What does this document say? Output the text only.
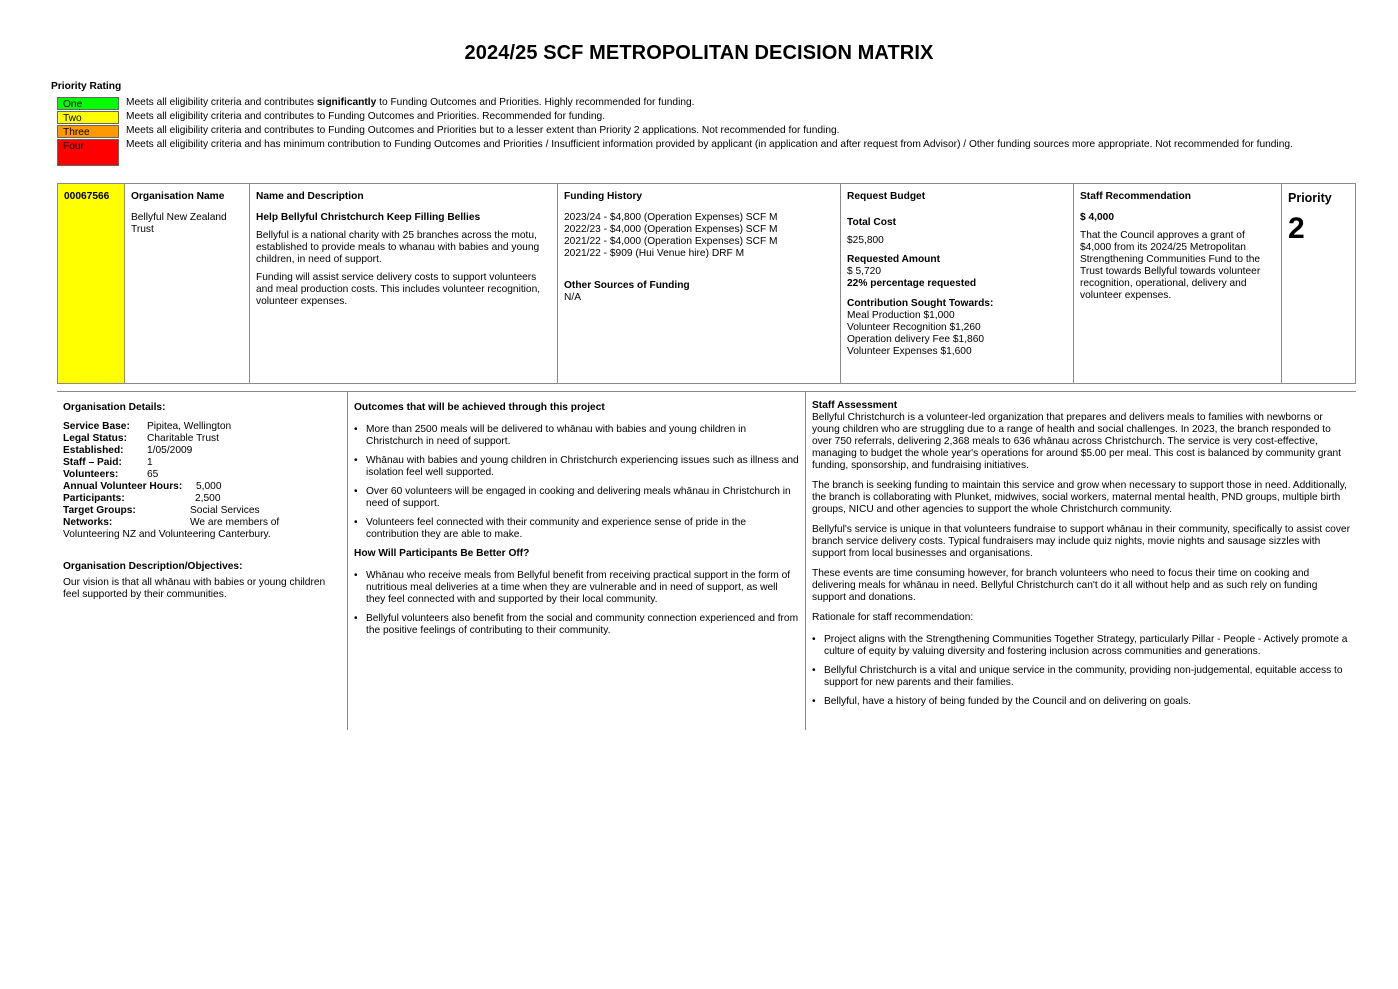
2024/25 SCF METROPOLITAN DECISION MATRIX
Priority Rating
One	Meets all eligibility criteria and contributes significantly to Funding Outcomes and Priorities. Highly recommended for funding.
Two	Meets all eligibility criteria and contributes to Funding Outcomes and Priorities. Recommended for funding.
Three	Meets all eligibility criteria and contributes to Funding Outcomes and Priorities but to a lesser extent than Priority 2 applications. Not recommended for funding.
Four	Meets all eligibility criteria and has minimum contribution to Funding Outcomes and Priorities / Insufficient information provided by applicant (in application and after request from Advisor) / Other funding sources more appropriate. Not recommended for funding.
00067566	Organisation Name
Bellyful New Zealand Trust
Name and Description
Help Bellyful Christchurch Keep Filling Bellies
Bellyful is a national charity with 25 branches across the motu, established to provide meals to whanau with babies and young children, in need of support.
Funding will assist service delivery costs to support volunteers and meal production costs. This includes volunteer recognition, volunteer expenses.
Funding History
2023/24 - $4,800 (Operation Expenses) SCF M
2022/23 - $4,000 (Operation Expenses) SCF M
2021/22 - $4,000 (Operation Expenses) SCF M
2021/22 - $909 (Hui Venue hire) DRF M
Other Sources of Funding
N/A
Request Budget
Total Cost
$25,800
Requested Amount
$ 5,720
22% percentage requested
Contribution Sought Towards:
Meal Production $1,000
Volunteer Recognition $1,260
Operation delivery Fee $1,860
Volunteer Expenses $1,600
Staff Recommendation
$ 4,000
That the Council approves a grant of $4,000 from its 2024/25 Metropolitan Strengthening Communities Fund to the Trust towards Bellyful towards volunteer recognition, operational, delivery and volunteer expenses.
Priority
2
Organisation Details:
Service Base:	Pipitea, Wellington
Legal Status:	Charitable Trust
Established:	1/05/2009
Staff – Paid:	1
Volunteers:	65
Annual Volunteer Hours:	5,000
Participants:	2,500
Target Groups:	Social Services
Networks:	We are members of
Volunteering NZ and Volunteering Canterbury.
Organisation Description/Objectives:
Our vision is that all whānau with babies or young children feel supported by their communities.
Outcomes that will be achieved through this project
• More than 2500 meals will be delivered to whānau with babies and young children in Christchurch in need of support.
• Whānau with babies and young children in Christchurch experiencing issues such as illness and isolation feel well supported.
• Over 60 volunteers will be engaged in cooking and delivering meals whānau in Christchurch in need of support.
• Volunteers feel connected with their community and experience sense of pride in the contribution they are able to make.
How Will Participants Be Better Off?
• Whānau who receive meals from Bellyful benefit from receiving practical support in the form of nutritious meal deliveries at a time when they are vulnerable and in need of support, as well they feel connected with and supported by their local community.
• Bellyful volunteers also benefit from the social and community connection experienced and from the positive feelings of contributing to their community.
Staff Assessment
Bellyful Christchurch is a volunteer-led organization that prepares and delivers meals to families with newborns or young children who are struggling due to a range of health and social challenges. In 2023, the branch responded to over 750 referrals, delivering 2,368 meals to 636 whānau across Christchurch. The service is very cost-effective, managing to budget the whole year's operations for around $5.00 per meal. This cost is balanced by community grant funding, sponsorship, and fundraising initiatives.
The branch is seeking funding to maintain this service and grow when necessary to support those in need. Additionally, the branch is collaborating with Plunket, midwives, social workers, maternal mental health, PND groups, multiple birth groups, NICU and other agencies to support the whole Christchurch community.
Bellyful's service is unique in that volunteers fundraise to support whānau in their community, specifically to assist cover branch service delivery costs. Typical fundraisers may include quiz nights, movie nights and sausage sizzles with support from local businesses and organisations.
These events are time consuming however, for branch volunteers who need to focus their time on cooking and delivering meals for whānau in need. Bellyful Christchurch can't do it all without help and as such rely on funding support and donations.
Rationale for staff recommendation:
• Project aligns with the Strengthening Communities Together Strategy, particularly Pillar - People - Actively promote a culture of equity by valuing diversity and fostering inclusion across communities and generations.
• Bellyful Christchurch is a vital and unique service in the community, providing non-judgemental, equitable access to support for new parents and their families.
• Bellyful, have a history of being funded by the Council and on delivering on goals.
